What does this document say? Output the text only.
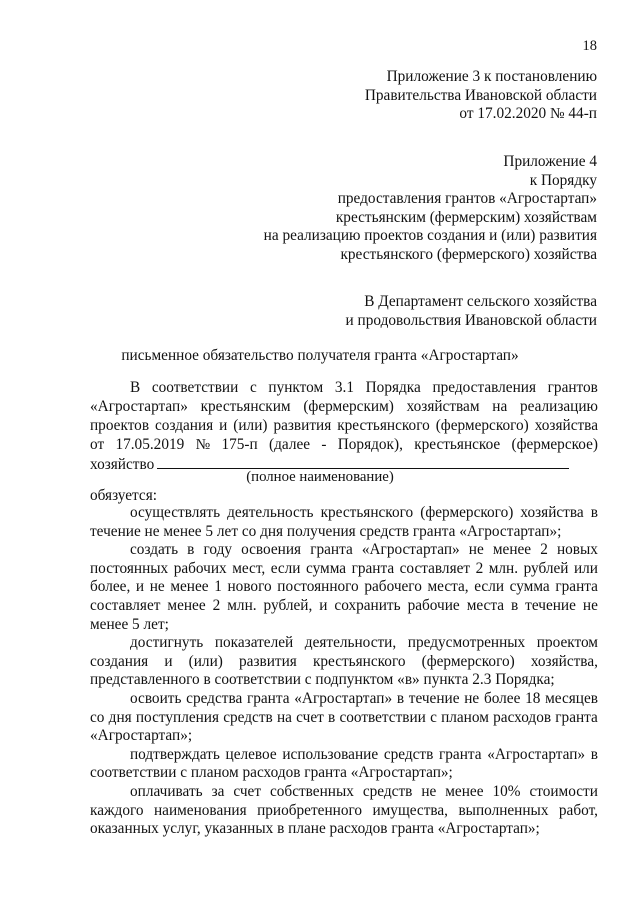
18
Приложение 3 к постановлению
Правительства Ивановской области
от 17.02.2020 № 44-п
Приложение 4
к Порядку
предоставления грантов «Агростартап»
крестьянским (фермерским) хозяйствам
на реализацию проектов создания и (или) развития
крестьянского (фермерского) хозяйства
В Департамент сельского хозяйства
и продовольствия Ивановской области
письменное обязательство получателя гранта «Агростартап»
В соответствии с пунктом 3.1 Порядка предоставления грантов
«Агростартап» крестьянским (фермерским) хозяйствам на реализацию
проектов создания и (или) развития крестьянского (фермерского) хозяйства
от 17.05.2019 № 175-п (далее - Порядок), крестьянское (фермерское)
хозяйство
(полное наименование)
обязуется:
осуществлять деятельность крестьянского (фермерского) хозяйства в
течение не менее 5 лет со дня получения средств гранта «Агростартап»;
создать в году освоения гранта «Агростартап» не менее 2 новых
постоянных рабочих мест, если сумма гранта составляет 2 млн. рублей или
более, и не менее 1 нового постоянного рабочего места, если сумма гранта
составляет менее 2 млн. рублей, и сохранить рабочие места в течение не
менее 5 лет;
достигнуть показателей деятельности, предусмотренных проектом
создания и (или) развития крестьянского (фермерского) хозяйства,
представленного в соответствии с подпунктом «в» пункта 2.3 Порядка;
освоить средства гранта «Агростартап» в течение не более 18 месяцев
со дня поступления средств на счет в соответствии с планом расходов гранта
«Агростартап»;
подтверждать целевое использование средств гранта «Агростартап» в
соответствии с планом расходов гранта «Агростартап»;
оплачивать за счет собственных средств не менее 10% стоимости
каждого наименования приобретенного имущества, выполненных работ,
оказанных услуг, указанных в плане расходов гранта «Агростартап»;
